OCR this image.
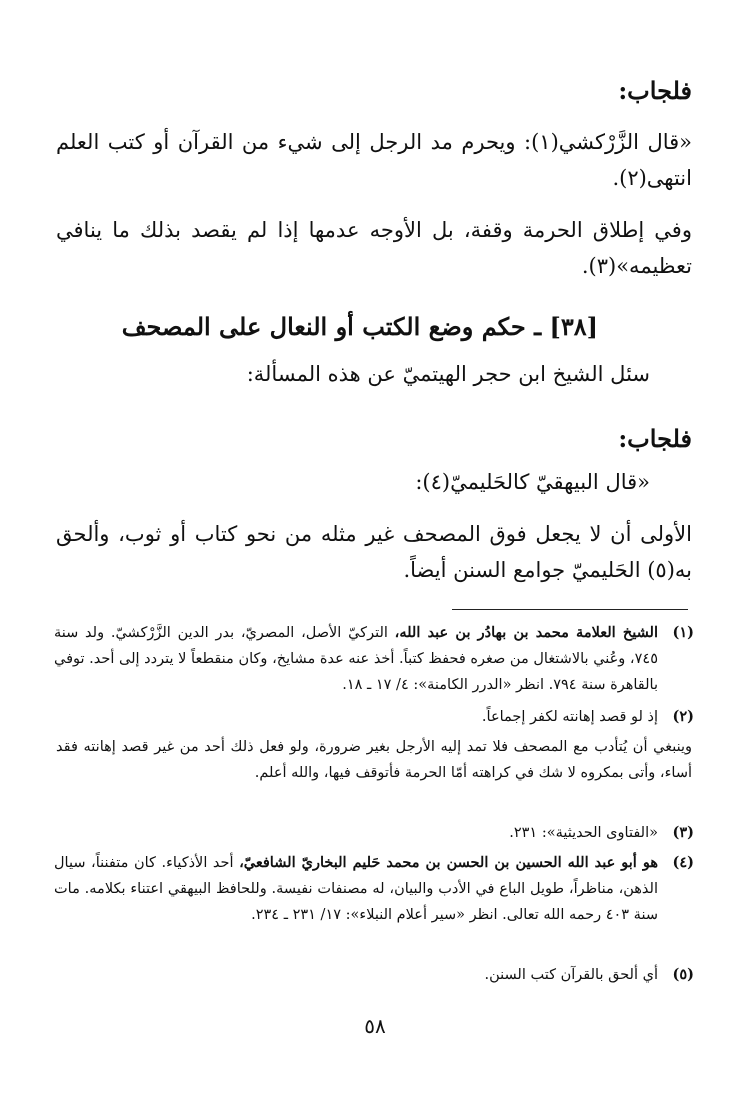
فلجاب:
«قال الزَّرْكشي(١): ويحرم مد الرجل إلى شيء من القرآن أو كتب العلم انتهى(٢).
وفي إطلاق الحرمة وقفة، بل الأوجه عدمها إذا لم يقصد بذلك ما ينافي تعظيمه»(٣).
[٣٨] ـ حكم وضع الكتب أو النعال على المصحف
سئل الشيخ ابن حجر الهيتميّ عن هذه المسألة:
فلجاب:
«قال البيهقيّ كالحَليميّ(٤):
الأولى أن لا يجعل فوق المصحف غير مثله من نحو كتاب أو ثوب، وألحق به(٥) الحَليميّ جوامع السنن أيضاً.
(١)
الشيخ العلامة محمد بن بهادُر بن عبد الله، التركيّ الأصل، المصريّ، بدر الدين الزَّرْكشيّ. ولد سنة ٧٤٥، وعُني بالاشتغال من صغره فحفظ كتباً. أخذ عنه عدة مشايخ، وكان منقطعاً لا يتردد إلى أحد. توفي بالقاهرة سنة ٧٩٤. انظر «الدرر الكامنة»: ٤/ ١٧ ـ ١٨.
(٢)
إذ لو قصد إهانته لكفر إجماعاً.
وينبغي أن يُتأدب مع المصحف فلا تمد إليه الأرجل بغير ضرورة، ولو فعل ذلك أحد من غير قصد إهانته فقد أساء، وأتى بمكروه لا شك في كراهته أمّا الحرمة فأتوقف فيها، والله أعلم.
(٣)
«الفتاوى الحديثية»: ٢٣١.
(٤)
هو أبو عبد الله الحسين بن الحسن بن محمد حَليم البخاريّ الشافعيّ، أحد الأذكياء. كان متفنناً، سيال الذهن، مناظراً، طويل الباع في الأدب والبيان، له مصنفات نفيسة. وللحافظ البيهقي اعتناء بكلامه. مات سنة ٤٠٣ رحمه الله تعالى. انظر «سير أعلام النبلاء»: ١٧/ ٢٣١ ـ ٢٣٤.
(٥)
أي ألحق بالقرآن كتب السنن.
٥٨
